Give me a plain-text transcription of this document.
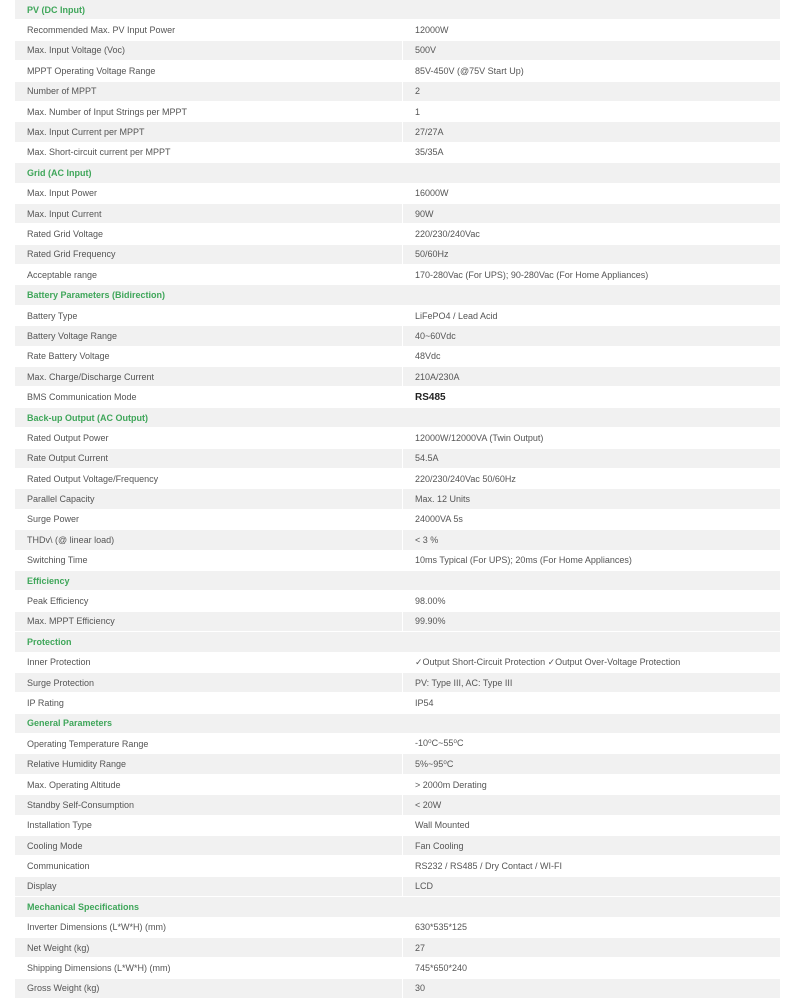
PV (DC Input)
Recommended Max. PV Input Power	12000W
Max. Input Voltage (Voc)	500V
MPPT Operating Voltage Range	85V-450V (@75V Start Up)
Number of MPPT	2
Max. Number of Input Strings per MPPT	1
Max. Input Current per MPPT	27/27A
Max. Short-circuit current per MPPT	35/35A
Grid (AC Input)
Max. Input Power	16000W
Max. Input Current	90W
Rated Grid Voltage	220/230/240Vac
Rated Grid Frequency	50/60Hz
Acceptable range	170-280Vac (For UPS); 90-280Vac (For Home Appliances)
Battery Parameters (Bidirection)
Battery Type	LiFePO4 / Lead Acid
Battery Voltage Range	40~60Vdc
Rate Battery Voltage	48Vdc
Max. Charge/Discharge Current	210A/230A
BMS Communication Mode	RS485
Back-up Output (AC Output)
Rated Output Power	12000W/12000VA (Twin Output)
Rate Output Current	54.5A
Rated Output Voltage/Frequency	220/230/240Vac 50/60Hz
Parallel Capacity	Max. 12 Units
Surge Power	24000VA 5s
THDv\ (@ linear load)	< 3 %
Switching Time	10ms Typical (For UPS); 20ms (For Home Appliances)
Efficiency
Peak Efficiency	98.00%
Max. MPPT Efficiency	99.90%
Protection
Inner Protection	✓Output Short-Circuit Protection ✓Output Over-Voltage Protection
Surge Protection	PV: Type III, AC: Type III
IP Rating	IP54
General Parameters
Operating Temperature Range	-10⁰C~55⁰C
Relative Humidity Range	5%~95⁰C
Max. Operating Altitude	> 2000m Derating
Standby Self-Consumption	< 20W
Installation Type	Wall Mounted
Cooling Mode	Fan Cooling
Communication	RS232 / RS485 / Dry Contact / WI-FI
Display	LCD
Mechanical Specifications
Inverter Dimensions (L*W*H) (mm)	630*535*125
Net Weight (kg)	27
Shipping Dimensions (L*W*H) (mm)	745*650*240
Gross Weight (kg)	30
